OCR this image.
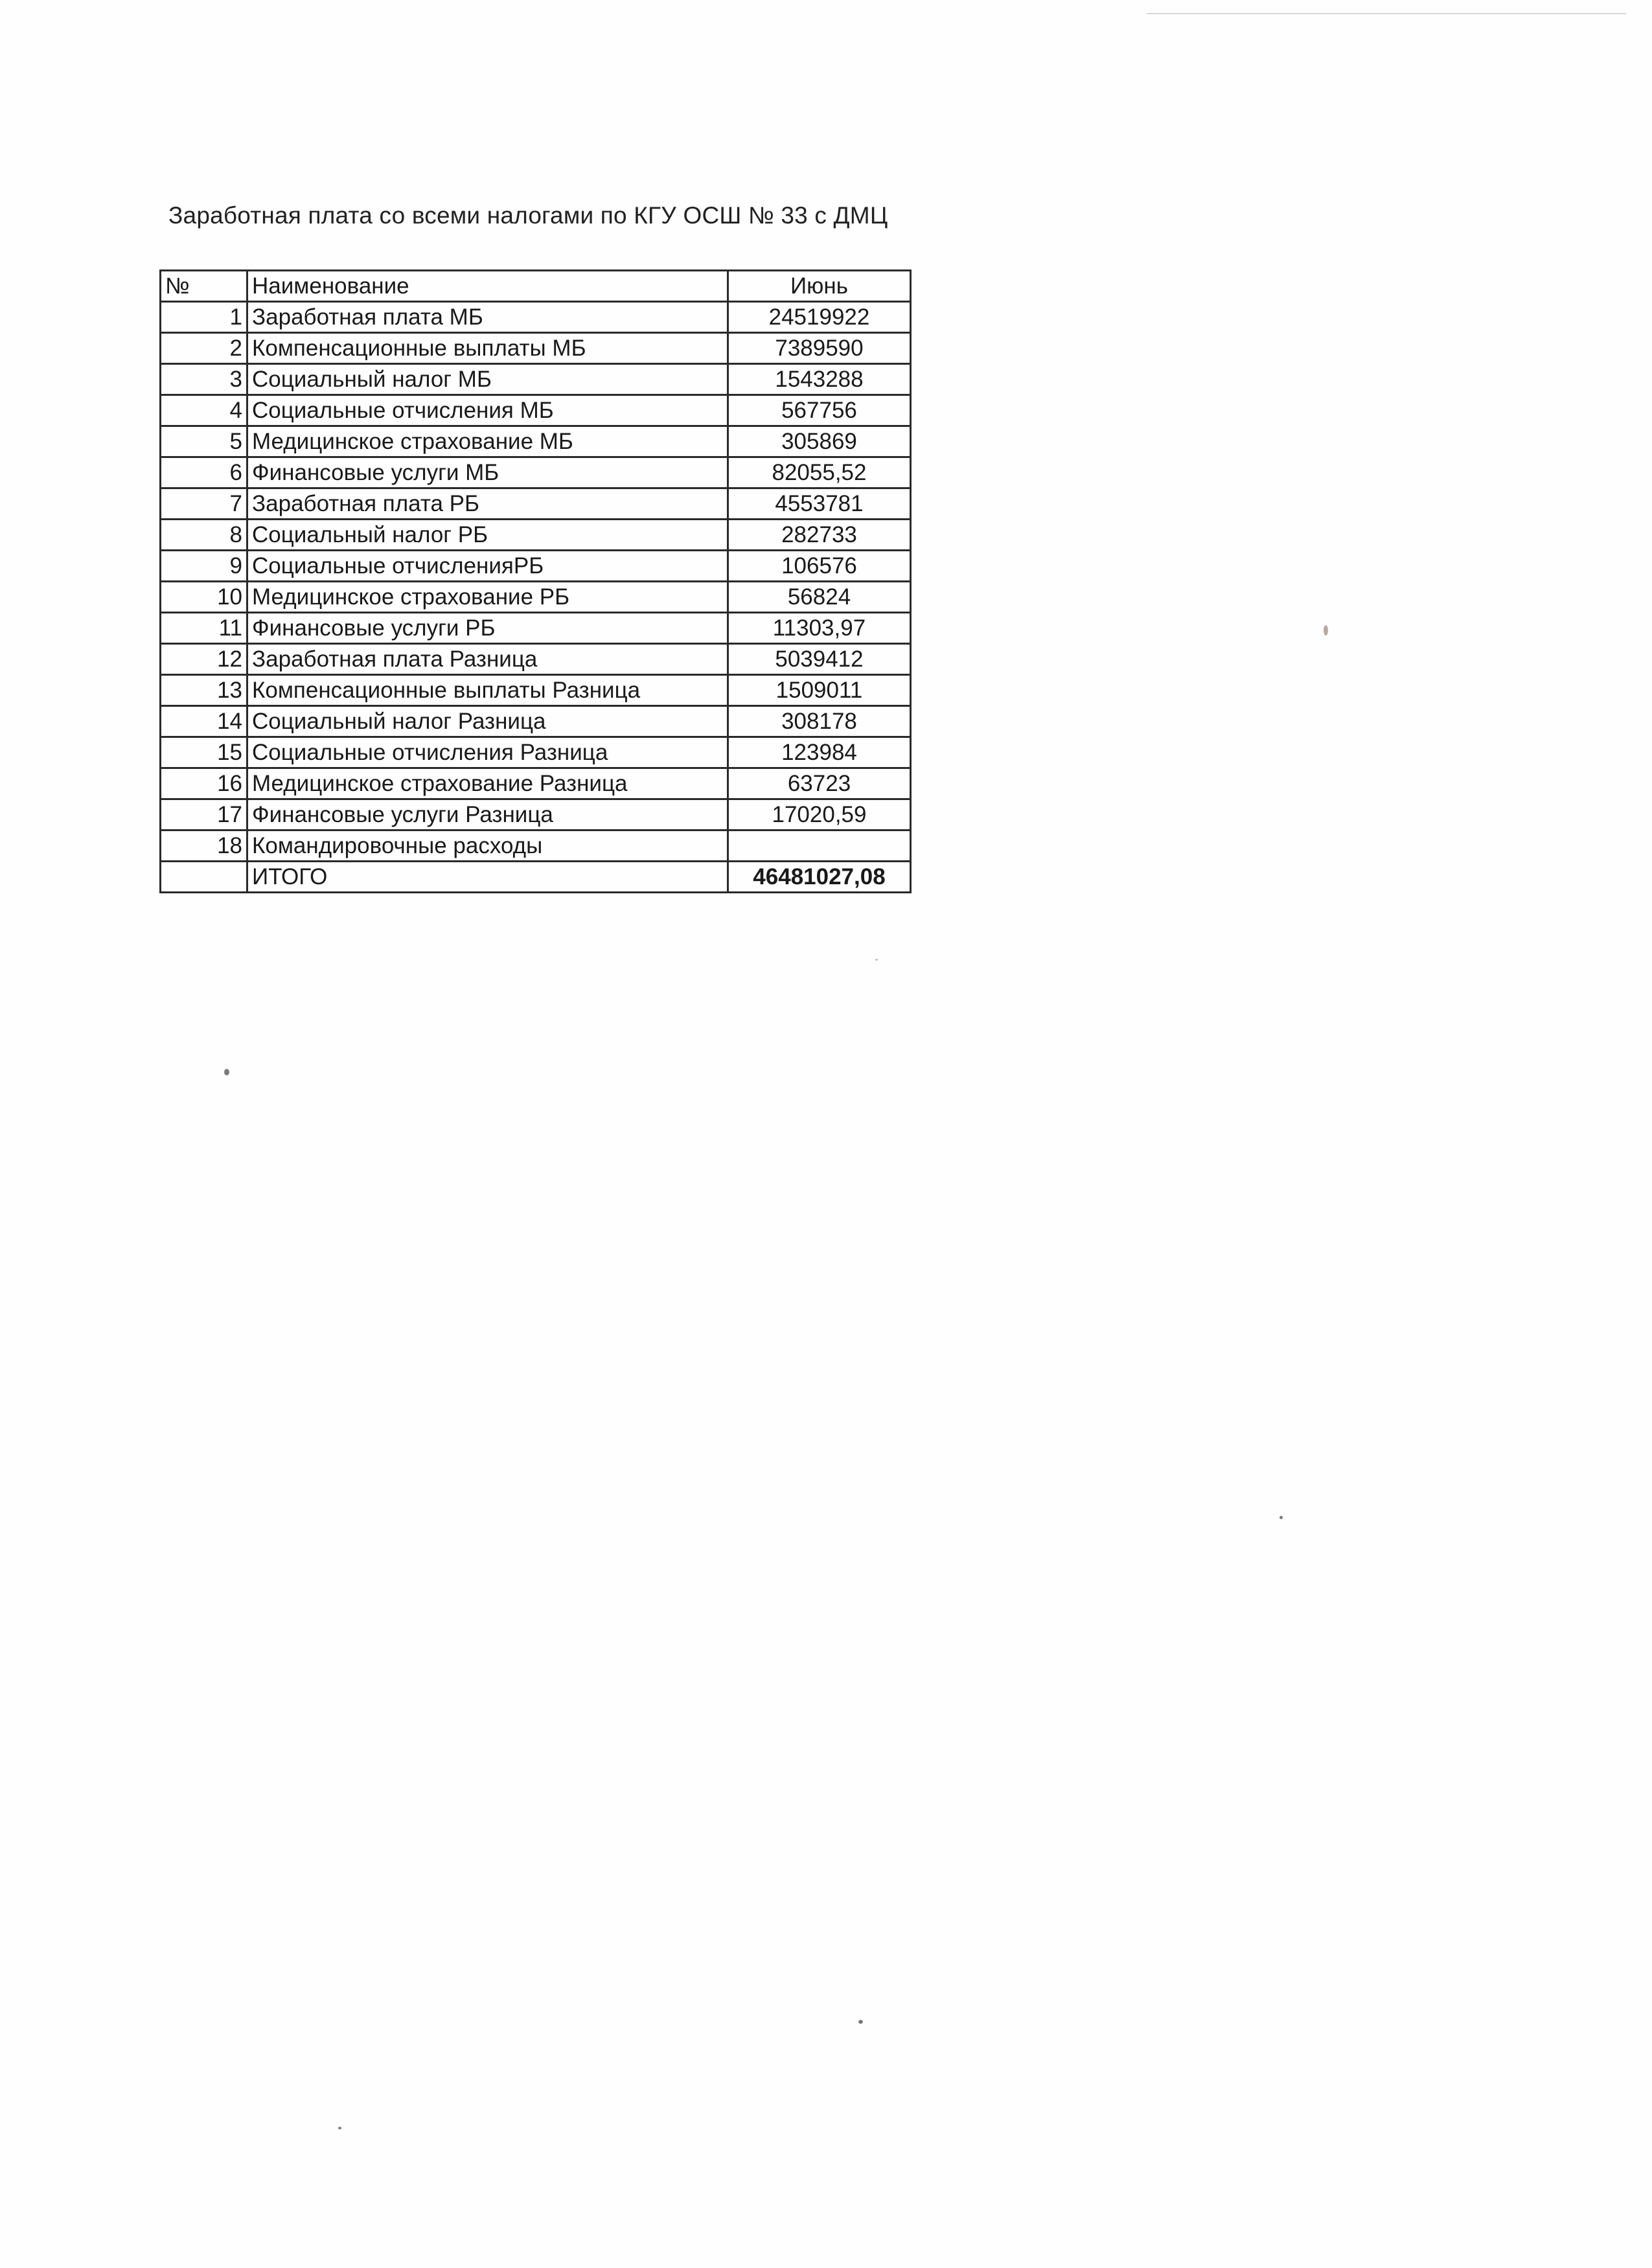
Заработная плата со всеми налогами по КГУ ОСШ № 33 с ДМЦ
№	Наименование	Июнь
1	Заработная плата МБ	24519922
2	Компенсационные выплаты МБ	7389590
3	Социальный налог МБ	1543288
4	Социальные отчисления МБ	567756
5	Медицинское страхование МБ	305869
6	Финансовые услуги МБ	82055,52
7	Заработная плата РБ	4553781
8	Социальный налог РБ	282733
9	Социальные отчисленияРБ	106576
10	Медицинское страхование РБ	56824
11	Финансовые услуги РБ	11303,97
12	Заработная плата Разница	5039412
13	Компенсационные выплаты Разница	1509011
14	Социальный налог Разница	308178
15	Социальные отчисления Разница	123984
16	Медицинское страхование Разница	63723
17	Финансовые услуги Разница	17020,59
18	Командировочные расходы	
	ИТОГО	46481027,08
